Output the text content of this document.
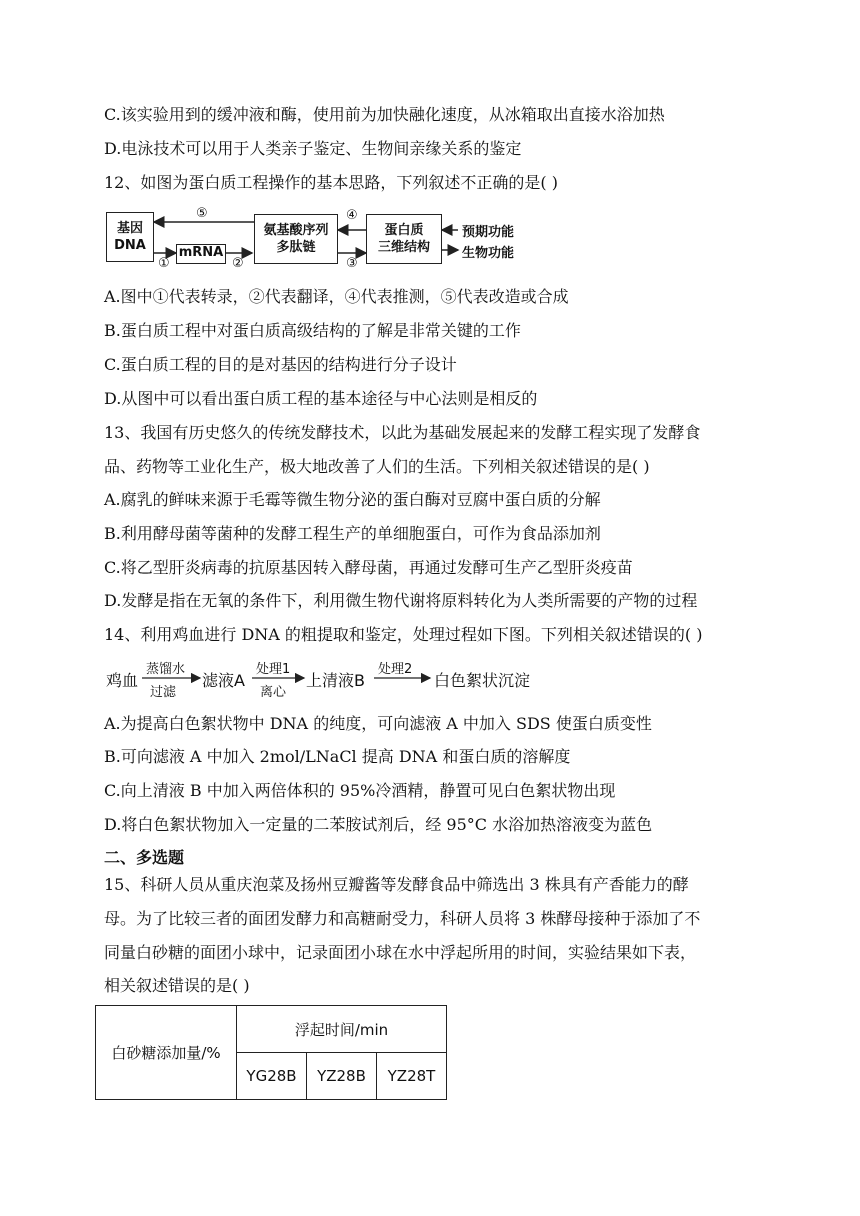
C.该实验用到的缓冲液和酶，使用前为加快融化速度，从冰箱取出直接水浴加热
D.电泳技术可以用于人类亲子鉴定、生物间亲缘关系的鉴定
12、如图为蛋白质工程操作的基本思路，下列叙述不正确的是( )
基因
DNA	mRNA
氨基酸序列
多肽链
蛋白质
三维结构
预期功能
生物功能
⑤
①	②
④
③
A.图中①代表转录，②代表翻译，④代表推测，⑤代表改造或合成
B.蛋白质工程中对蛋白质高级结构的了解是非常关键的工作
C.蛋白质工程的目的是对基因的结构进行分子设计
D.从图中可以看出蛋白质工程的基本途径与中心法则是相反的
13、我国有历史悠久的传统发酵技术，以此为基础发展起来的发酵工程实现了发酵食
品、药物等工业化生产，极大地改善了人们的生活。下列相关叙述错误的是( )
A.腐乳的鲜味来源于毛霉等微生物分泌的蛋白酶对豆腐中蛋白质的分解
B.利用酵母菌等菌种的发酵工程生产的单细胞蛋白，可作为食品添加剂
C.将乙型肝炎病毒的抗原基因转入酵母菌，再通过发酵可生产乙型肝炎疫苗
D.发酵是指在无氧的条件下，利用微生物代谢将原料转化为人类所需要的产物的过程
14、利用鸡血进行 DNA 的粗提取和鉴定，处理过程如下图。下列相关叙述错误的( )
鸡血
蒸馏水
过滤
滤液A
处理1
离心
上清液B
处理2
白色絮状沉淀
A.为提高白色絮状物中 DNA 的纯度，可向滤液 A 中加入 SDS 使蛋白质变性
B.可向滤液 A 中加入 2mol/LNaCl 提高 DNA 和蛋白质的溶解度
C.向上清液 B 中加入两倍体积的 95%冷酒精，静置可见白色絮状物出现
D.将白色絮状物加入一定量的二苯胺试剂后，经 95°C 水浴加热溶液变为蓝色
二、多选题
15、科研人员从重庆泡菜及扬州豆瓣酱等发酵食品中筛选出 3 株具有产香能力的酵
母。为了比较三者的面团发酵力和高糖耐受力，科研人员将 3 株酵母接种于添加了不
同量白砂糖的面团小球中，记录面团小球在水中浮起所用的时间，实验结果如下表，
相关叙述错误的是( )
白砂糖添加量/%	浮起时间/min		
	YG28B	YZ28B	YZ28T
